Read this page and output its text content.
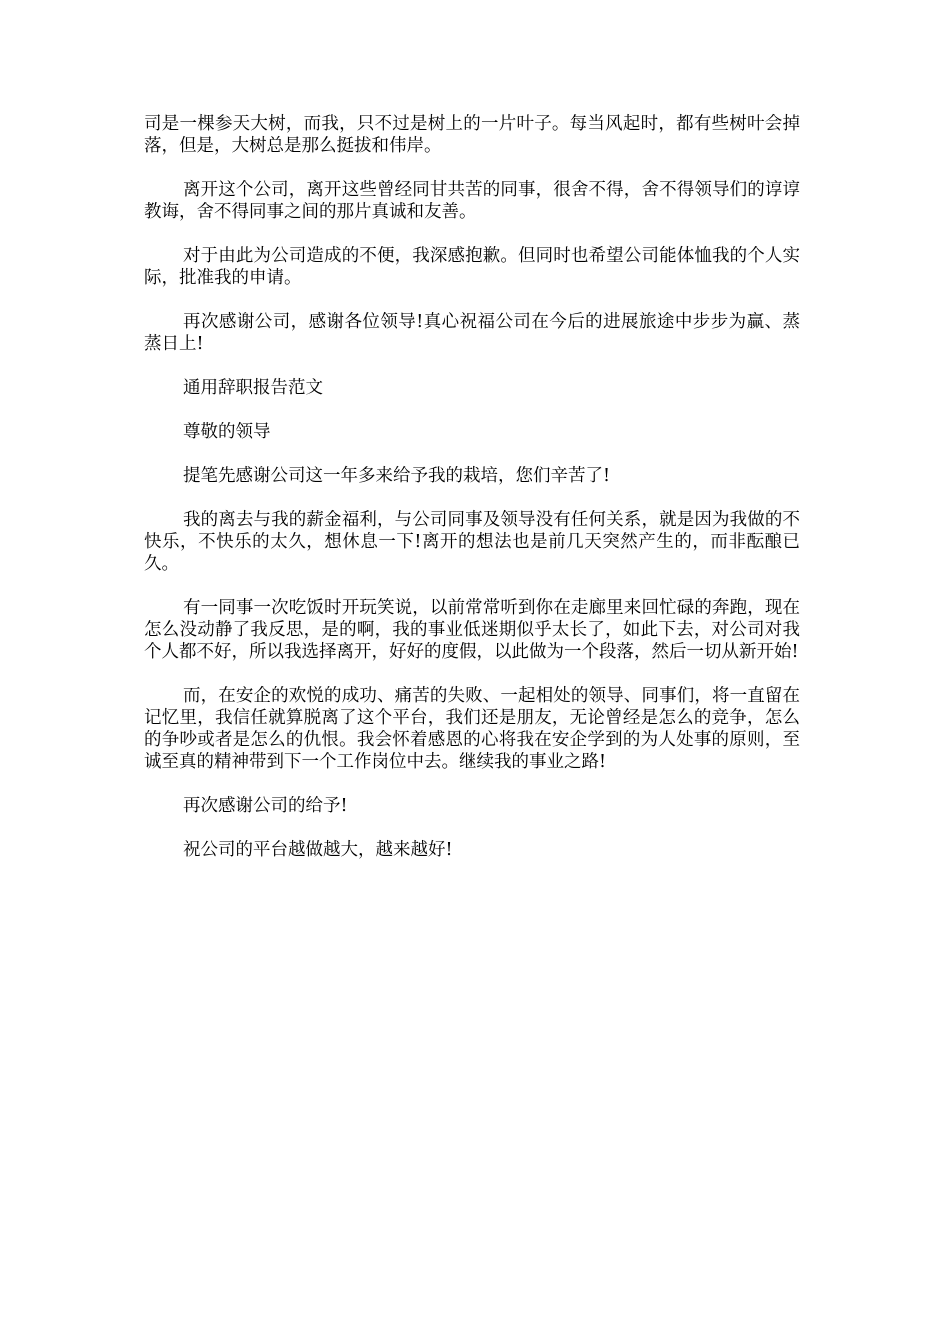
司是一棵参天大树，而我，只不过是树上的一片叶子。每当风起时，都有些树叶会掉落，但是，大树总是那么挺拔和伟岸。

离开这个公司，离开这些曾经同甘共苦的同事，很舍不得，舍不得领导们的谆谆教诲，舍不得同事之间的那片真诚和友善。

对于由此为公司造成的不便，我深感抱歉。但同时也希望公司能体恤我的个人实际，批准我的申请。

再次感谢公司，感谢各位领导!真心祝福公司在今后的进展旅途中步步为赢、蒸蒸日上!

通用辞职报告范文

尊敬的领导

提笔先感谢公司这一年多来给予我的栽培，您们辛苦了!

我的离去与我的薪金福利，与公司同事及领导没有任何关系，就是因为我做的不快乐，不快乐的太久，想休息一下!离开的想法也是前几天突然产生的，而非酝酿已久。

有一同事一次吃饭时开玩笑说，以前常常听到你在走廊里来回忙碌的奔跑，现在怎么没动静了我反思，是的啊，我的事业低迷期似乎太长了，如此下去，对公司对我个人都不好，所以我选择离开，好好的度假，以此做为一个段落，然后一切从新开始!

而，在安企的欢悦的成功、痛苦的失败、一起相处的领导、同事们，将一直留在记忆里，我信任就算脱离了这个平台，我们还是朋友，无论曾经是怎么的竞争，怎么的争吵或者是怎么的仇恨。我会怀着感恩的心将我在安企学到的为人处事的原则，至诚至真的精神带到下一个工作岗位中去。继续我的事业之路!

再次感谢公司的给予!

祝公司的平台越做越大，越来越好!
